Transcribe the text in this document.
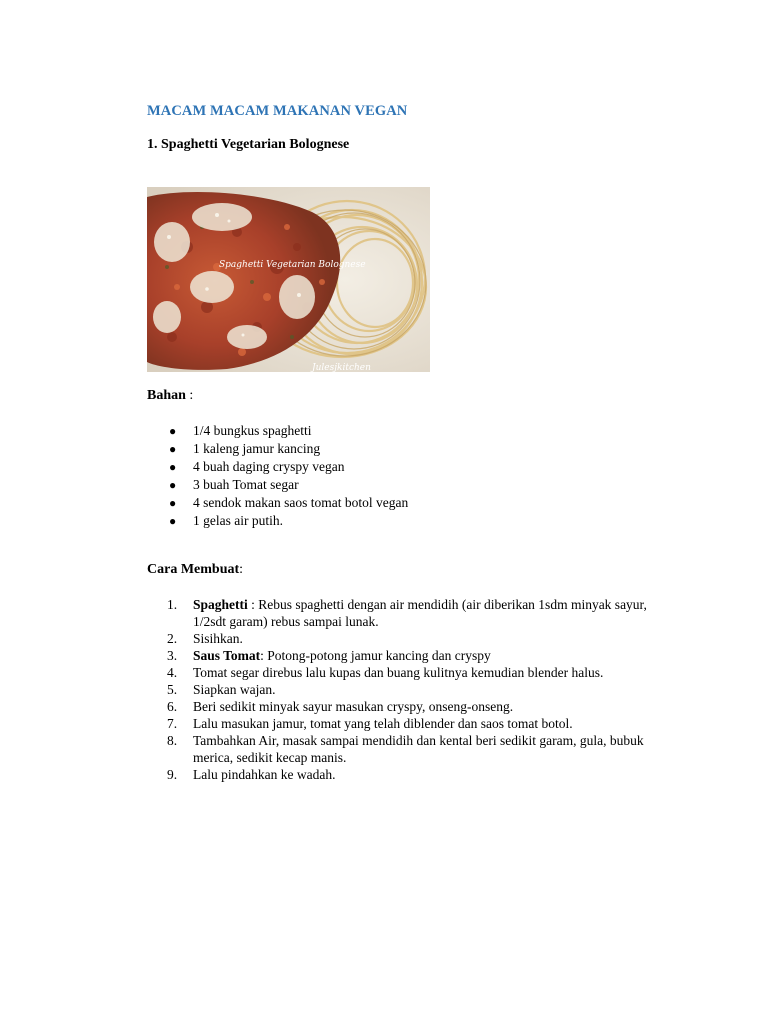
MACAM MACAM MAKANAN VEGAN
1. Spaghetti Vegetarian Bolognese
Spaghetti Vegetarian Bolognese
Julesjkitchen

Bahan :

● 1/4 bungkus spaghetti
● 1 kaleng jamur kancing
● 4 buah daging cryspy vegan
● 3 buah Tomat segar
● 4 sendok makan saos tomat botol vegan
● 1 gelas air putih.

Cara Membuat:

1. Spaghetti : Rebus spaghetti dengan air mendidih (air diberikan 1sdm minyak sayur, 1/2sdt garam) rebus sampai lunak.
2. Sisihkan.
3. Saus Tomat: Potong-potong jamur kancing dan cryspy
4. Tomat segar direbus lalu kupas dan buang kulitnya kemudian blender halus.
5. Siapkan wajan.
6. Beri sedikit minyak sayur masukan cryspy, onseng-onseng.
7. Lalu masukan jamur, tomat yang telah diblender dan saos tomat botol.
8. Tambahkan Air, masak sampai mendidih dan kental beri sedikit garam, gula, bubuk merica, sedikit kecap manis.
9. Lalu pindahkan ke wadah.
